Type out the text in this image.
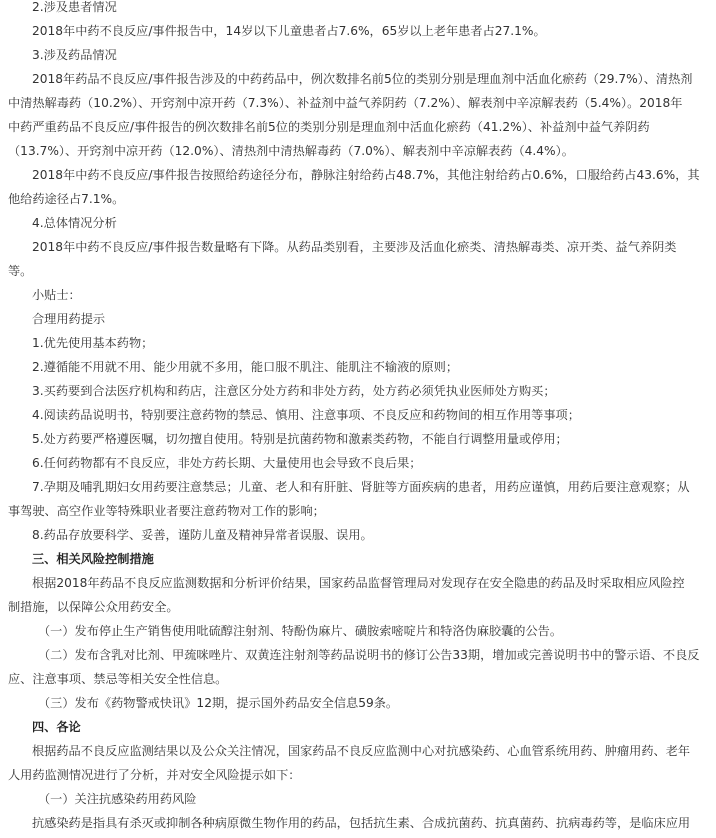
2.涉及患者情况
2018年中药不良反应/事件报告中，14岁以下儿童患者占7.6%，65岁以上老年患者占27.1%。
3.涉及药品情况
2018年药品不良反应/事件报告涉及的中药药品中，例次数排名前5位的类别分别是理血剂中活血化瘀药（29.7%）、清热剂
中清热解毒药（10.2%）、开窍剂中凉开药（7.3%）、补益剂中益气养阴药（7.2%）、解表剂中辛凉解表药（5.4%）。2018年
中药严重药品不良反应/事件报告的例次数排名前5位的类别分别是理血剂中活血化瘀药（41.2%）、补益剂中益气养阴药
（13.7%）、开窍剂中凉开药（12.0%）、清热剂中清热解毒药（7.0%）、解表剂中辛凉解表药（4.4%）。
2018年中药不良反应/事件报告按照给药途径分布，静脉注射给药占48.7%，其他注射给药占0.6%，口服给药占43.6%，其
他给药途径占7.1%。
4.总体情况分析
2018年中药不良反应/事件报告数量略有下降。从药品类别看，主要涉及活血化瘀类、清热解毒类、凉开类、益气养阴类
等。
小贴士：
合理用药提示
1.优先使用基本药物；
2.遵循能不用就不用、能少用就不多用，能口服不肌注、能肌注不输液的原则；
3.买药要到合法医疗机构和药店，注意区分处方药和非处方药，处方药必须凭执业医师处方购买；
4.阅读药品说明书，特别要注意药物的禁忌、慎用、注意事项、不良反应和药物间的相互作用等事项；
5.处方药要严格遵医嘱，切勿擅自使用。特别是抗菌药物和激素类药物，不能自行调整用量或停用；
6.任何药物都有不良反应，非处方药长期、大量使用也会导致不良后果；
7.孕期及哺乳期妇女用药要注意禁忌；儿童、老人和有肝脏、肾脏等方面疾病的患者，用药应谨慎，用药后要注意观察；从
事驾驶、高空作业等特殊职业者要注意药物对工作的影响；
8.药品存放要科学、妥善，谨防儿童及精神异常者误服、误用。
三、相关风险控制措施
根据2018年药品不良反应监测数据和分析评价结果，国家药品监督管理局对发现存在安全隐患的药品及时采取相应风险控
制措施，以保障公众用药安全。
（一）发布停止生产销售使用吡硫醇注射剂、特酚伪麻片、磺胺索嘧啶片和特洛伪麻胶囊的公告。
（二）发布含乳对比剂、甲巯咪唑片、双黄连注射剂等药品说明书的修订公告33期，增加或完善说明书中的警示语、不良反
应、注意事项、禁忌等相关安全性信息。
（三）发布《药物警戒快讯》12期，提示国外药品安全信息59条。
四、各论
根据药品不良反应监测结果以及公众关注情况，国家药品不良反应监测中心对抗感染药、心血管系统用药、肿瘤用药、老年
人用药监测情况进行了分析，并对安全风险提示如下：
（一）关注抗感染药用药风险
抗感染药是指具有杀灭或抑制各种病原微生物作用的药品，包括抗生素、合成抗菌药、抗真菌药、抗病毒药等，是临床应用
